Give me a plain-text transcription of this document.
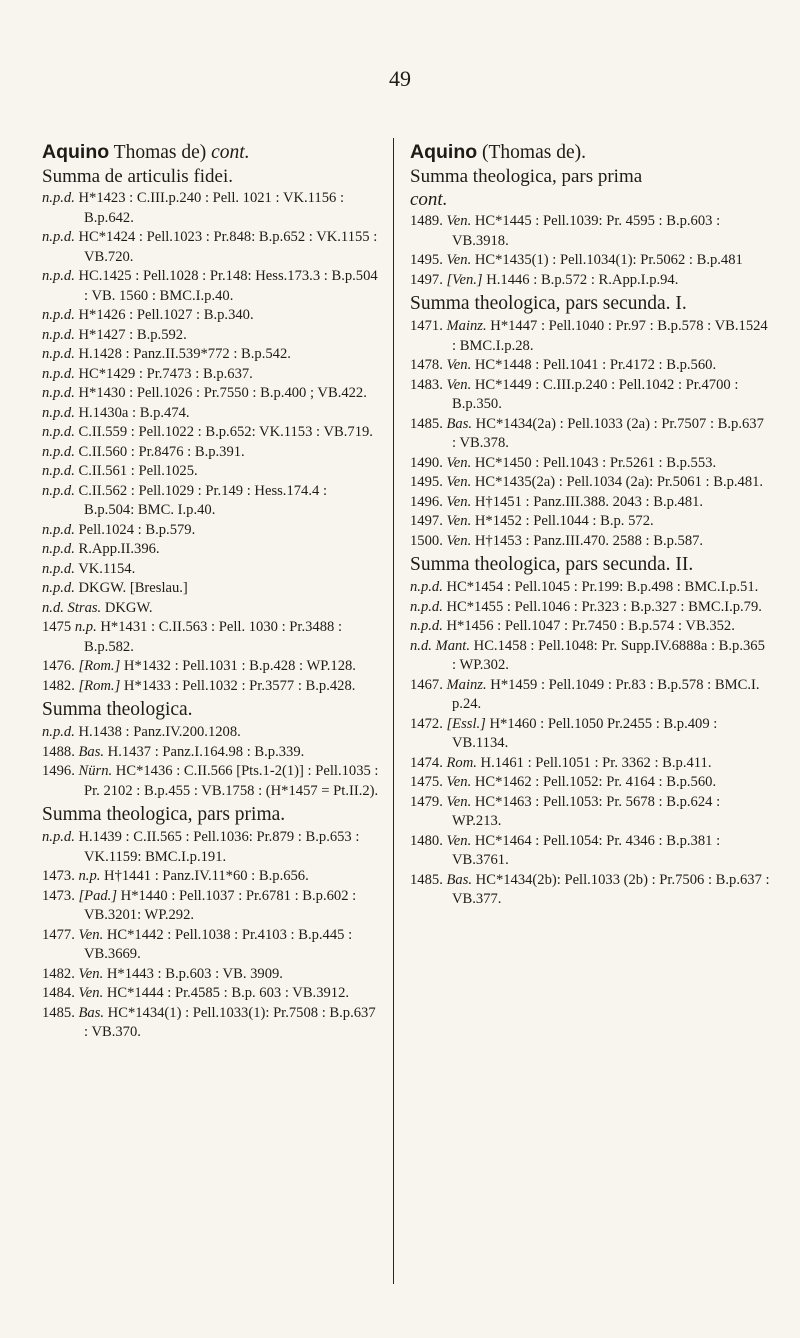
49

Aquino Thomas de) cont.

Summa de articulis fidei.

n.p.d. H*1423 : C.III.p.240 : Pell. 1021 : VK.1156 : B.p.642.

n.p.d. HC*1424 : Pell.1023 : Pr.848: B.p.652 : VK.1155 : VB.720.

n.p.d. HC.1425 : Pell.1028 : Pr.148: Hess.173.3 : B.p.504 : VB. 1560 : BMC.I.p.40.

n.p.d. H*1426 : Pell.1027 : B.p.340.

n.p.d. H*1427 : B.p.592.

n.p.d. H.1428 : Panz.II.539*772 : B.p.542.

n.p.d. HC*1429 : Pr.7473 : B.p.637.

n.p.d. H*1430 : Pell.1026 : Pr.7550 : B.p.400 ; VB.422.

n.p.d. H.1430a : B.p.474.

n.p.d. C.II.559 : Pell.1022 : B.p.652: VK.1153 : VB.719.

n.p.d. C.II.560 : Pr.8476 : B.p.391.

n.p.d. C.II.561 : Pell.1025.

n.p.d. C.II.562 : Pell.1029 : Pr.149 : Hess.174.4 : B.p.504: BMC. I.p.40.

n.p.d. Pell.1024 : B.p.579.

n.p.d. R.App.II.396.

n.p.d. VK.1154.

n.p.d. DKGW. [Breslau.]

n.d. Stras. DKGW.

1475 n.p. H*1431 : C.II.563 : Pell. 1030 : Pr.3488 : B.p.582.

1476. [Rom.] H*1432 : Pell.1031 : B.p.428 : WP.128.

1482. [Rom.] H*1433 : Pell.1032 : Pr.3577 : B.p.428.

Summa theologica.

n.p.d. H.1438 : Panz.IV.200.1208.

1488. Bas. H.1437 : Panz.I.164.98 : B.p.339.

1496. Nürn. HC*1436 : C.II.566 [Pts.1-2(1)] : Pell.1035 : Pr. 2102 : B.p.455 : VB.1758 : (H*1457 = Pt.II.2).

Summa theologica, pars prima.

n.p.d. H.1439 : C.II.565 : Pell.1036: Pr.879 : B.p.653 : VK.1159: BMC.I.p.191.

1473. n.p. H†1441 : Panz.IV.11*60 : B.p.656.

1473. [Pad.] H*1440 : Pell.1037 : Pr.6781 : B.p.602 : VB.3201: WP.292.

1477. Ven. HC*1442 : Pell.1038 : Pr.4103 : B.p.445 : VB.3669.

1482. Ven. H*1443 : B.p.603 : VB. 3909.

1484. Ven. HC*1444 : Pr.4585 : B.p. 603 : VB.3912.

1485. Bas. HC*1434(1) : Pell.1033(1): Pr.7508 : B.p.637 : VB.370.

Aquino (Thomas de).

Summa theologica, pars prima
cont.

1489. Ven. HC*1445 : Pell.1039: Pr. 4595 : B.p.603 : VB.3918.

1495. Ven. HC*1435(1) : Pell.1034(1): Pr.5062 : B.p.481

1497. [Ven.] H.1446 : B.p.572 : R.App.I.p.94.

Summa theologica, pars secunda. I.

1471. Mainz. H*1447 : Pell.1040 : Pr.97 : B.p.578 : VB.1524 : BMC.I.p.28.

1478. Ven. HC*1448 : Pell.1041 : Pr.4172 : B.p.560.

1483. Ven. HC*1449 : C.III.p.240 : Pell.1042 : Pr.4700 : B.p.350.

1485. Bas. HC*1434(2a) : Pell.1033 (2a) : Pr.7507 : B.p.637 : VB.378.

1490. Ven. HC*1450 : Pell.1043 : Pr.5261 : B.p.553.

1495. Ven. HC*1435(2a) : Pell.1034 (2a): Pr.5061 : B.p.481.

1496. Ven. H†1451 : Panz.III.388. 2043 : B.p.481.

1497. Ven. H*1452 : Pell.1044 : B.p. 572.

1500. Ven. H†1453 : Panz.III.470. 2588 : B.p.587.

Summa theologica, pars secunda. II.

n.p.d. HC*1454 : Pell.1045 : Pr.199: B.p.498 : BMC.I.p.51.

n.p.d. HC*1455 : Pell.1046 : Pr.323 : B.p.327 : BMC.I.p.79.

n.p.d. H*1456 : Pell.1047 : Pr.7450 : B.p.574 : VB.352.

n.d. Mant. HC.1458 : Pell.1048: Pr. Supp.IV.6888a : B.p.365 : WP.302.

1467. Mainz. H*1459 : Pell.1049 : Pr.83 : B.p.578 : BMC.I. p.24.

1472. [Essl.] H*1460 : Pell.1050 Pr.2455 : B.p.409 : VB.1134.

1474. Rom. H.1461 : Pell.1051 : Pr. 3362 : B.p.411.

1475. Ven. HC*1462 : Pell.1052: Pr. 4164 : B.p.560.

1479. Ven. HC*1463 : Pell.1053: Pr. 5678 : B.p.624 : WP.213.

1480. Ven. HC*1464 : Pell.1054: Pr. 4346 : B.p.381 : VB.3761.

1485. Bas. HC*1434(2b): Pell.1033 (2b) : Pr.7506 : B.p.637 : VB.377.
